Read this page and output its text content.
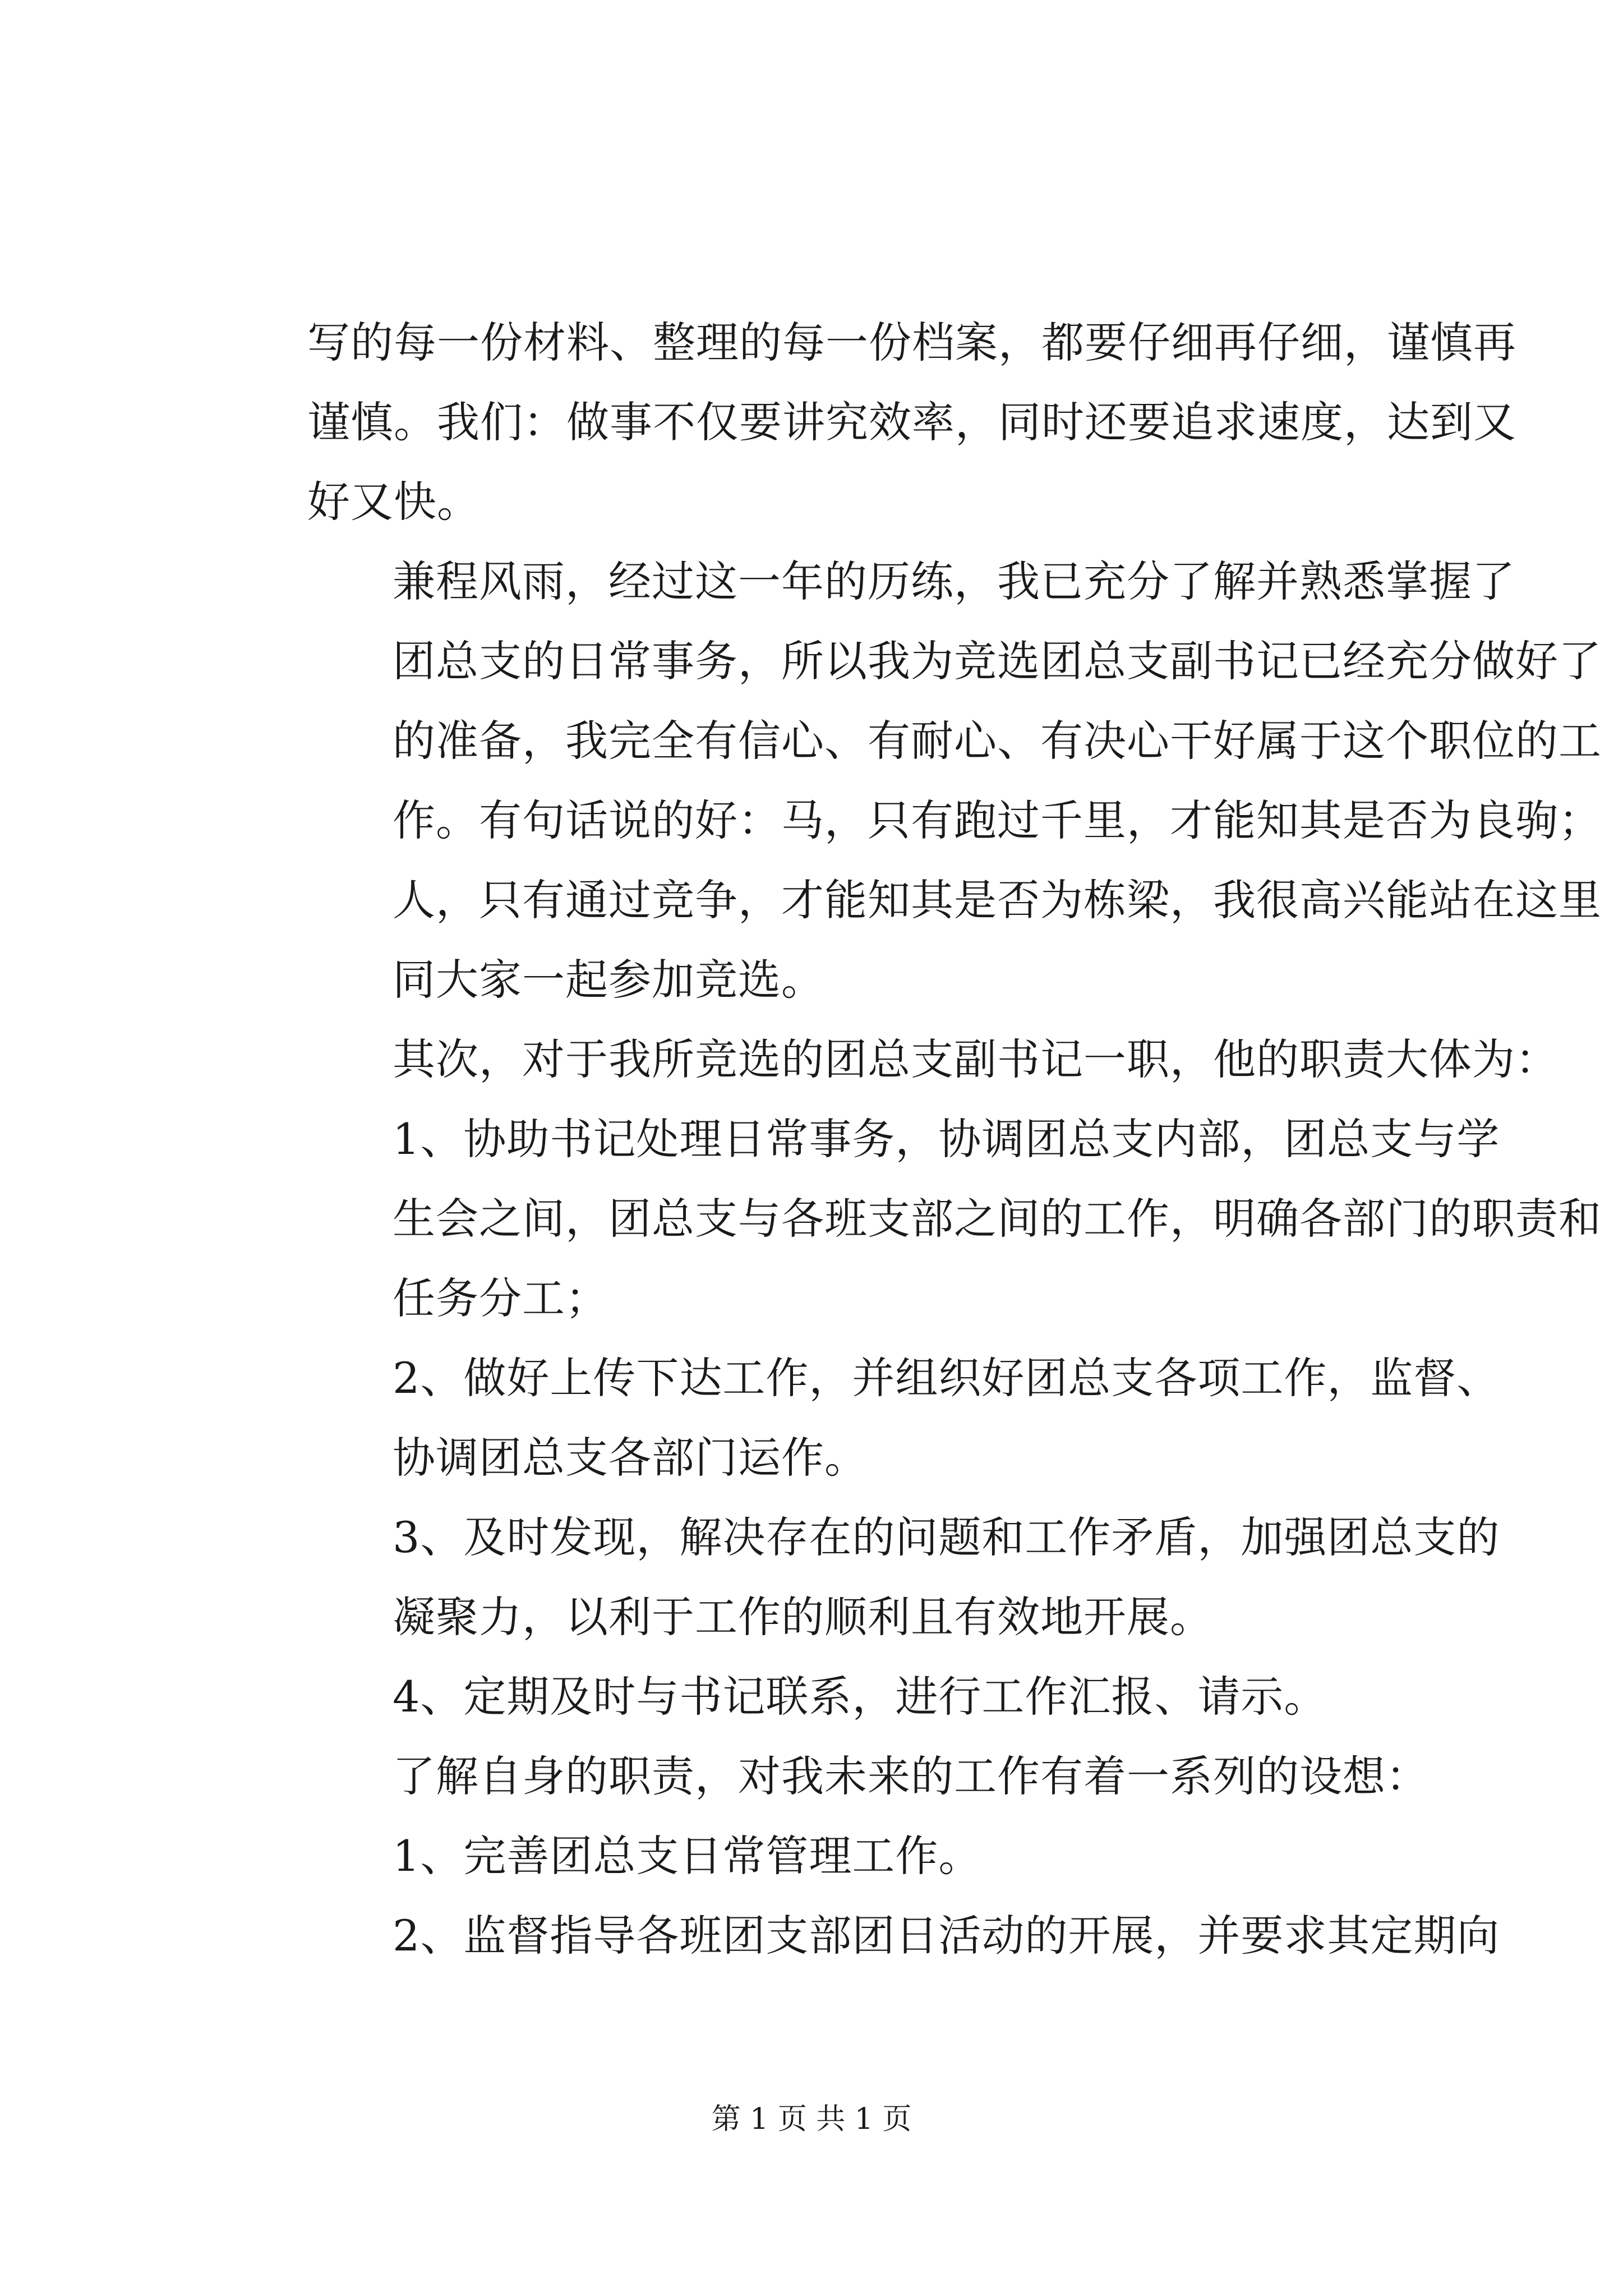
写的每一份材料、整理的每一份档案，都要仔细再仔细，谨慎再
谨慎。我们：做事不仅要讲究效率，同时还要追求速度，达到又
好又快。

兼程风雨，经过这一年的历练，我已充分了解并熟悉掌握了
团总支的日常事务，所以我为竞选团总支副书记已经充分做好了
的准备，我完全有信心、有耐心、有决心干好属于这个职位的工
作。有句话说的好：马，只有跑过千里，才能知其是否为良驹；
人，只有通过竞争，才能知其是否为栋梁，我很高兴能站在这里
同大家一起参加竞选。

其次，对于我所竞选的团总支副书记一职，他的职责大体为：

1、协助书记处理日常事务，协调团总支内部，团总支与学
生会之间，团总支与各班支部之间的工作，明确各部门的职责和
任务分工；

2、做好上传下达工作，并组织好团总支各项工作，监督、
协调团总支各部门运作。

3、及时发现，解决存在的问题和工作矛盾，加强团总支的
凝聚力，以利于工作的顺利且有效地开展。

4、定期及时与书记联系，进行工作汇报、请示。

了解自身的职责，对我未来的工作有着一系列的设想：

1、完善团总支日常管理工作。

2、监督指导各班团支部团日活动的开展，并要求其定期向

第 1 页 共 1 页
